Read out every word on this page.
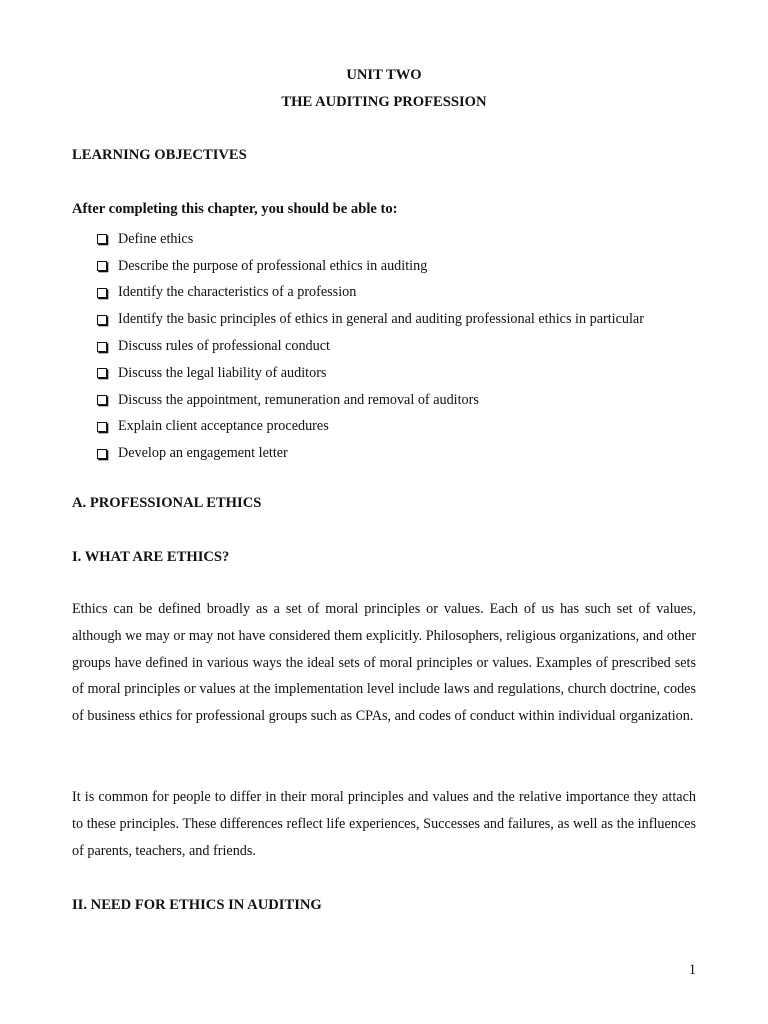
UNIT TWO
THE AUDITING PROFESSION
LEARNING OBJECTIVES
After completing this chapter, you should be able to:
Define ethics
Describe the purpose of professional ethics in auditing
Identify the characteristics of a profession
Identify the basic principles of ethics in general and auditing professional ethics in particular
Discuss rules of professional conduct
Discuss the legal liability of auditors
Discuss the appointment, remuneration and removal of auditors
Explain client acceptance procedures
Develop an engagement letter
A. PROFESSIONAL ETHICS
I. WHAT ARE ETHICS?

Ethics can be defined broadly as a set of moral principles or values. Each of us has such set of values, although we may or may not have considered them explicitly. Philosophers, religious organizations, and other groups have defined in various ways the ideal sets of moral principles or values. Examples of prescribed sets of moral principles or values at the implementation level include laws and regulations, church doctrine, codes of business ethics for professional groups such as CPAs, and codes of conduct within individual organization.

It is common for people to differ in their moral principles and values and the relative importance they attach to these principles. These differences reflect life experiences, Successes and failures, as well as the influences of parents, teachers, and friends.

II. NEED FOR ETHICS IN AUDITING
1
